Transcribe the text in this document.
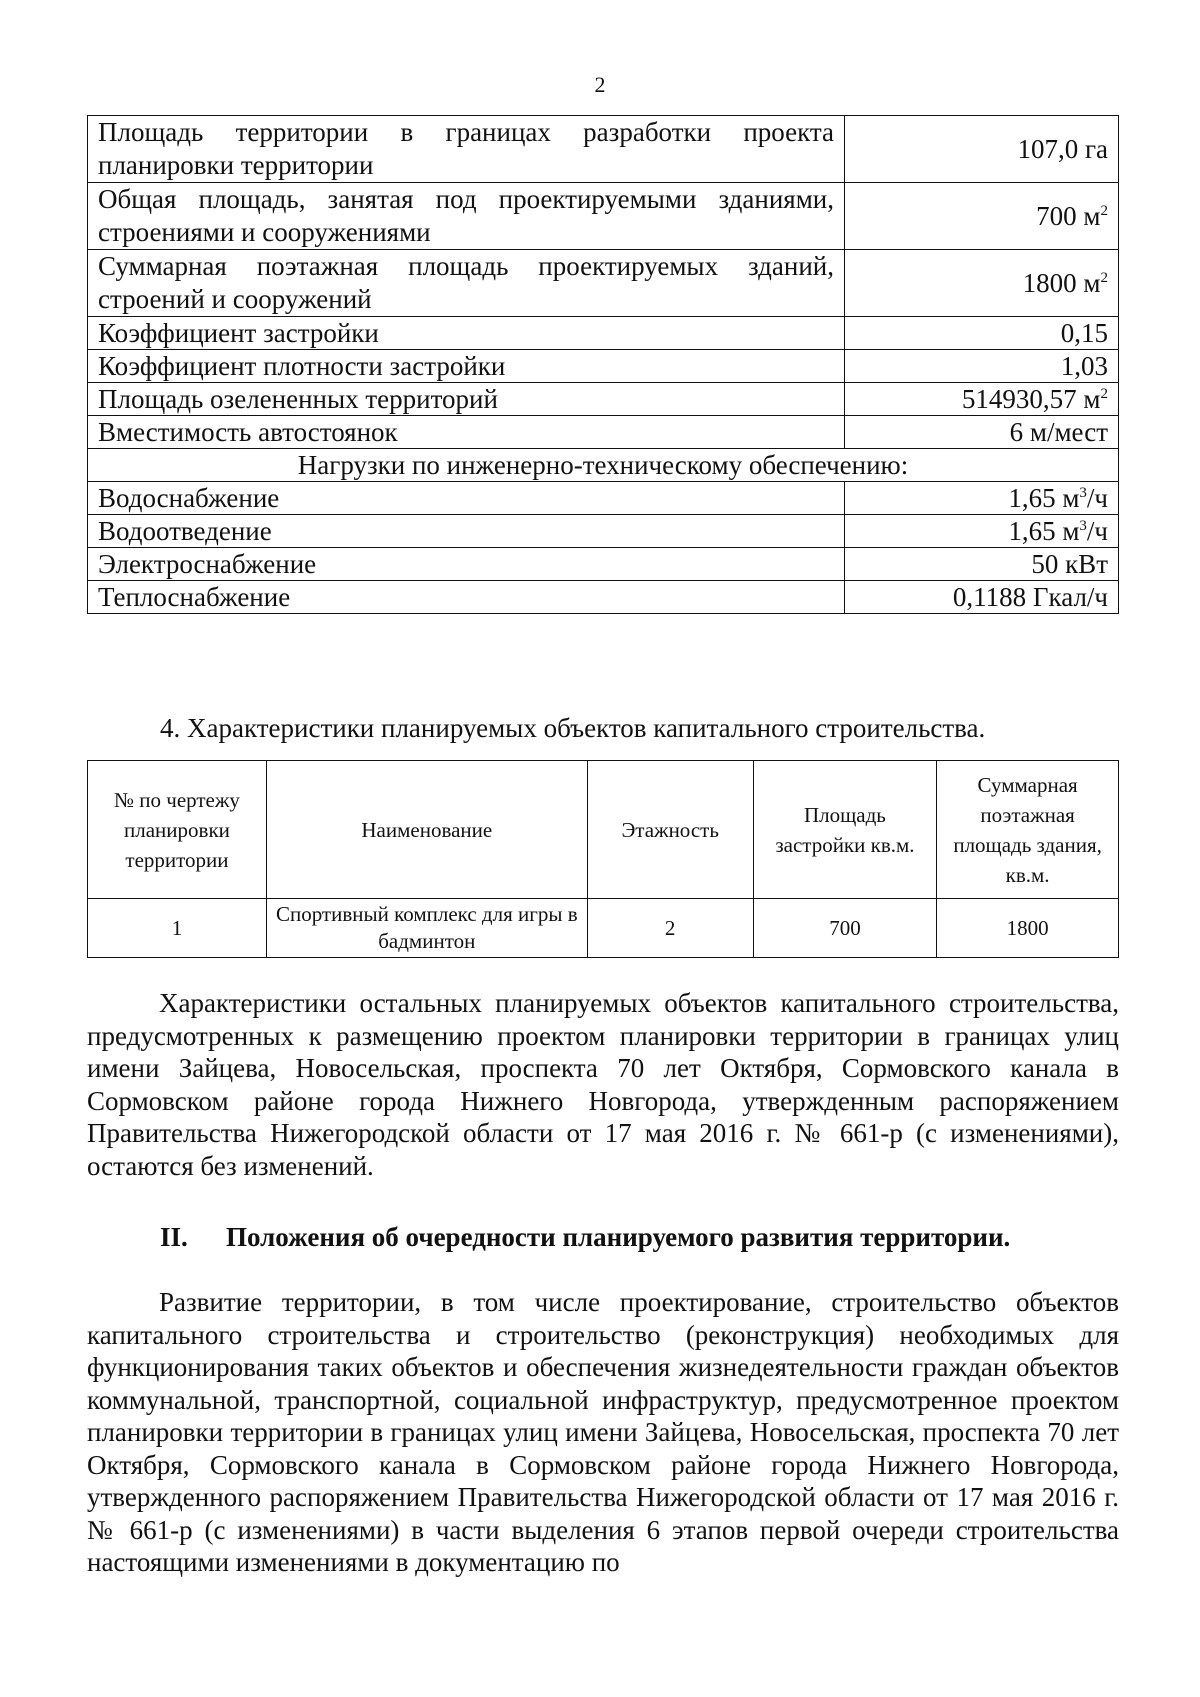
2
Площадь территории в границах разработки проекта планировки территории	107,0 га
Общая площадь, занятая под проектируемыми зданиями, строениями и сооружениями	700 $м^2$
Суммарная поэтажная площадь проектируемых зданий, строений и сооружений	1800 $м^2$
Коэффициент застройки	0,15
Коэффициент плотности застройки	1,03
Площадь озелененных территорий	514930,57 $м^2$
Вместимость автостоянок	6 м/мест
Нагрузки по инженерно-техническому обеспечению:	
Водоснабжение	1,65 $м^3/ч$
Водоотведение	1,65 $м^3/ч$
Электроснабжение	50 кВт
Теплоснабжение	0,1188 Гкал/ч
4. Характеристики планируемых объектов капитального строительства.
№ по чертежу планировки территории	Наименование	Этажность	Площадь застройки кв.м.	Суммарная поэтажная площадь здания, кв.м.
1	Спортивный комплекс для игры в бадминтон	2	700	1800
Характеристики остальных планируемых объектов капитального строительства, предусмотренных к размещению проектом планировки территории в границах улиц имени Зайцева, Новосельская, проспекта 70 лет Октября, Сормовского канала в Сормовском районе города Нижнего Новгорода, утвержденным распоряжением Правительства Нижегородской области от 17 мая 2016 г. № 661-р (с изменениями), остаются без изменений.
II. Положения об очередности планируемого развития территории.
Развитие территории, в том числе проектирование, строительство объектов капитального строительства и строительство (реконструкция) необходимых для функционирования таких объектов и обеспечения жизнедеятельности граждан объектов коммунальной, транспортной, социальной инфраструктур, предусмотренное проектом планировки территории в границах улиц имени Зайцева, Новосельская, проспекта 70 лет Октября, Сормовского канала в Сормовском районе города Нижнего Новгорода, утвержденного распоряжением Правительства Нижегородской области от 17 мая 2016 г. № 661-р (с изменениями) в части выделения 6 этапов первой очереди строительства настоящими изменениями в документацию по
